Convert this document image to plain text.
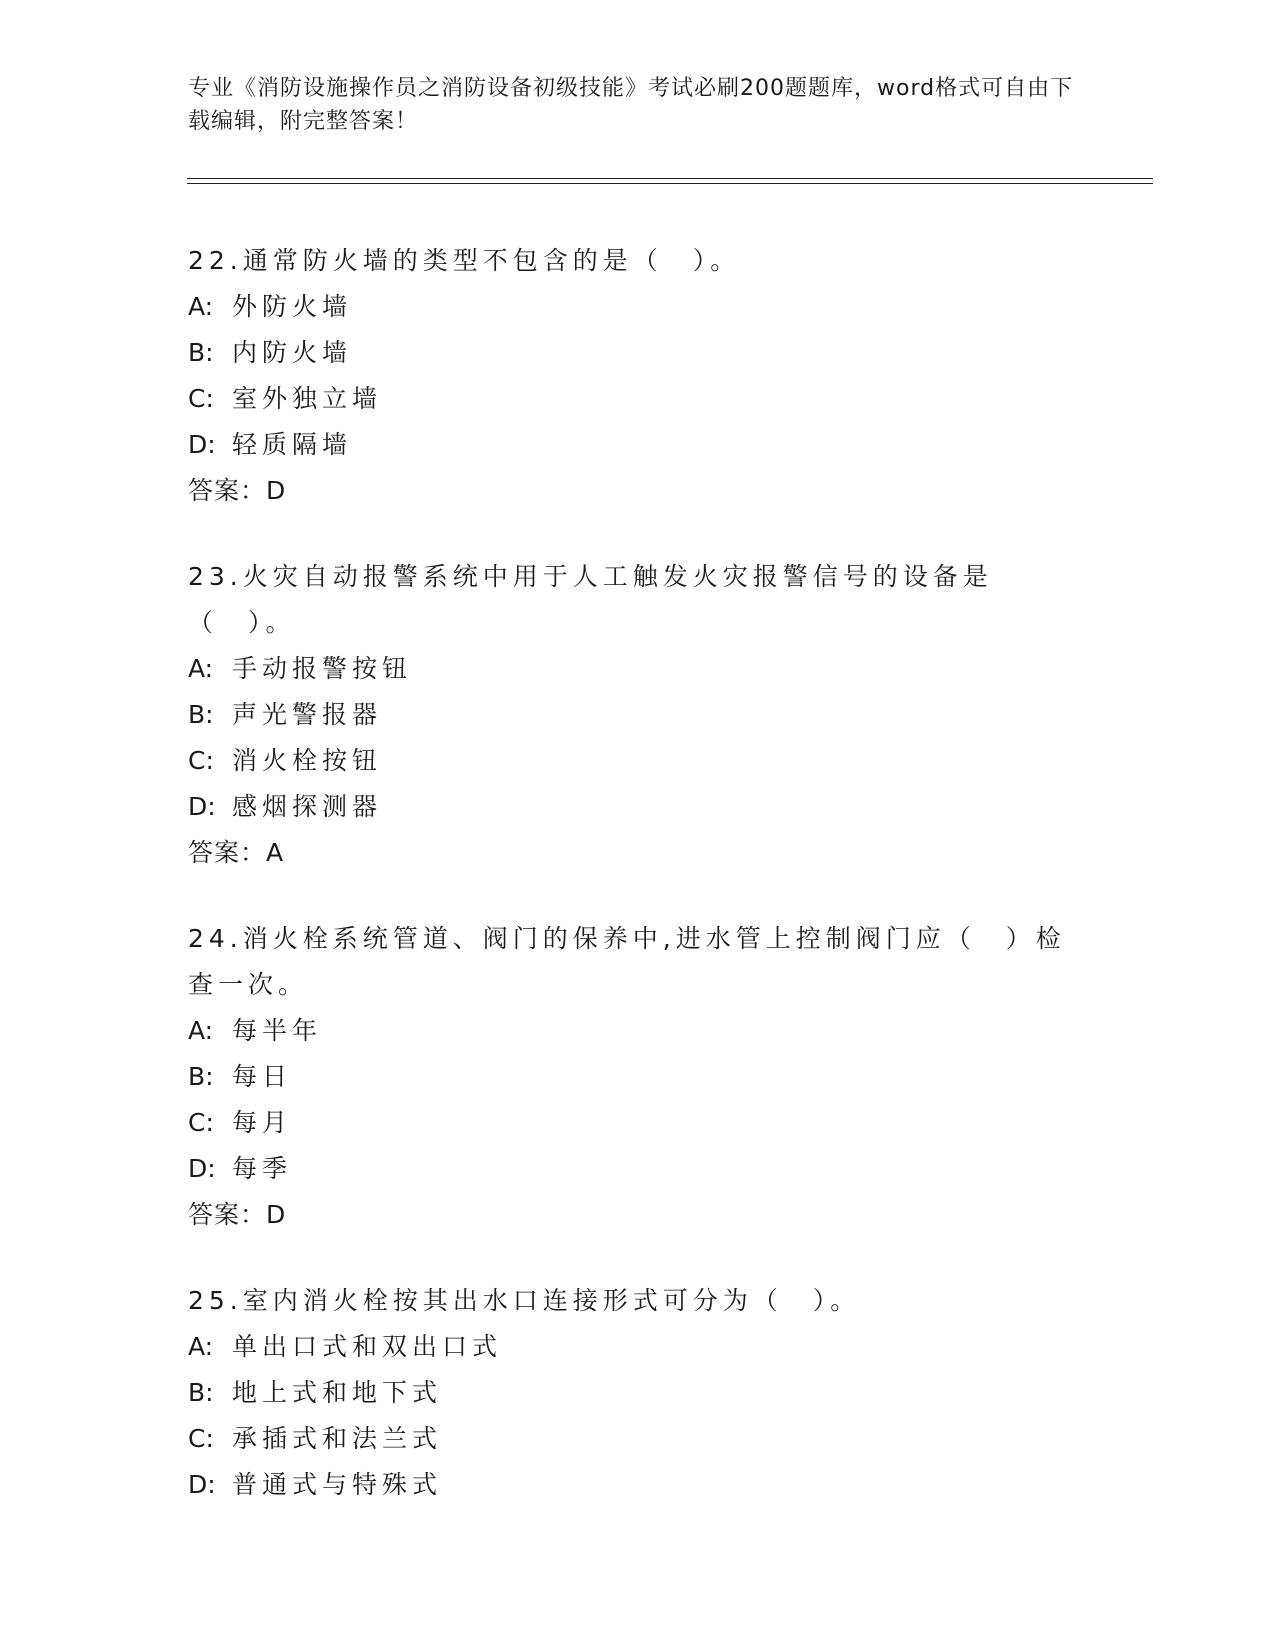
专业《消防设施操作员之消防设备初级技能》考试必刷200题题库，word格式可自由下载编辑，附完整答案！
22.通常防火墙的类型不包含的是（　）。
A: 外防火墙
B: 内防火墙
C: 室外独立墙
D: 轻质隔墙
答案：D
23.火灾自动报警系统中用于人工触发火灾报警信号的设备是（　）。
A: 手动报警按钮
B: 声光警报器
C: 消火栓按钮
D: 感烟探测器
答案：A
24.消火栓系统管道、阀门的保养中,进水管上控制阀门应（　）检查一次。
A: 每半年
B: 每日
C: 每月
D: 每季
答案：D
25.室内消火栓按其出水口连接形式可分为（　）。
A: 单出口式和双出口式
B: 地上式和地下式
C: 承插式和法兰式
D: 普通式与特殊式
